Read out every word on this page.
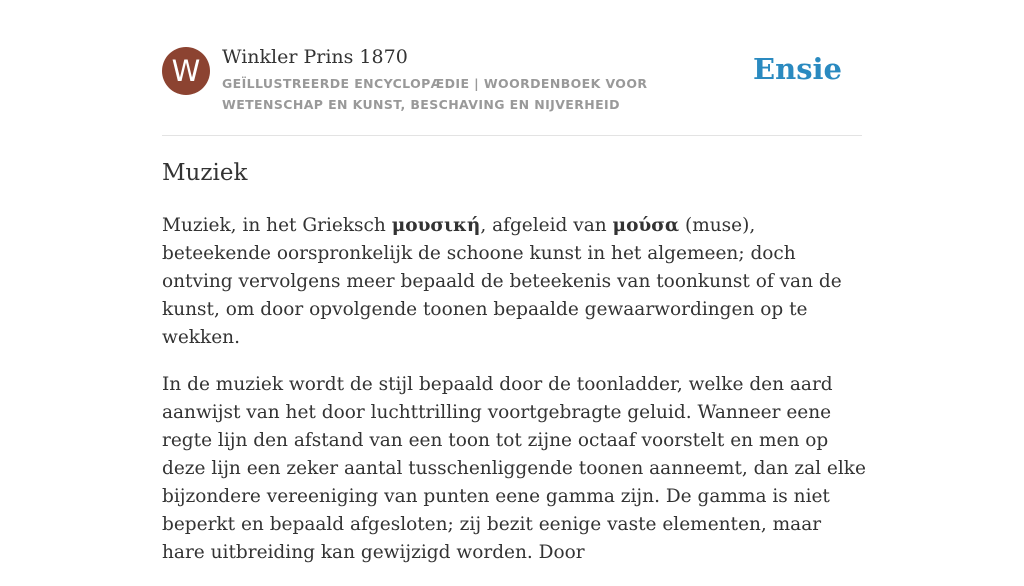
W	Winkler Prins 1870
GEÏLLUSTREERDE ENCYCLOPÆDIE | WOORDENBOEK VOOR WETENSCHAP EN KUNST, BESCHAVING EN NIJVERHEID
Ensie
Muziek

Muziek, in het Grieksch μουσική, afgeleid van μούσα (muse), beteekende oorspronkelijk de schoone kunst in het algemeen; doch ontving vervolgens meer bepaald de beteekenis van toonkunst of van de kunst, om door opvolgende toonen bepaalde gewaarwordingen op te wekken.

In de muziek wordt de stijl bepaald door de toonladder, welke den aard aanwijst van het door luchttrilling voortgebragte geluid. Wanneer eene regte lijn den afstand van een toon tot zijne octaaf voorstelt en men op deze lijn een zeker aantal tusschenliggende toonen aanneemt, dan zal elke bijzondere vereeniging van punten eene gamma zijn. De gamma is niet beperkt en bepaald afgesloten; zij bezit eenige vaste elementen, maar hare uitbreiding kan gewijzigd worden. Door
